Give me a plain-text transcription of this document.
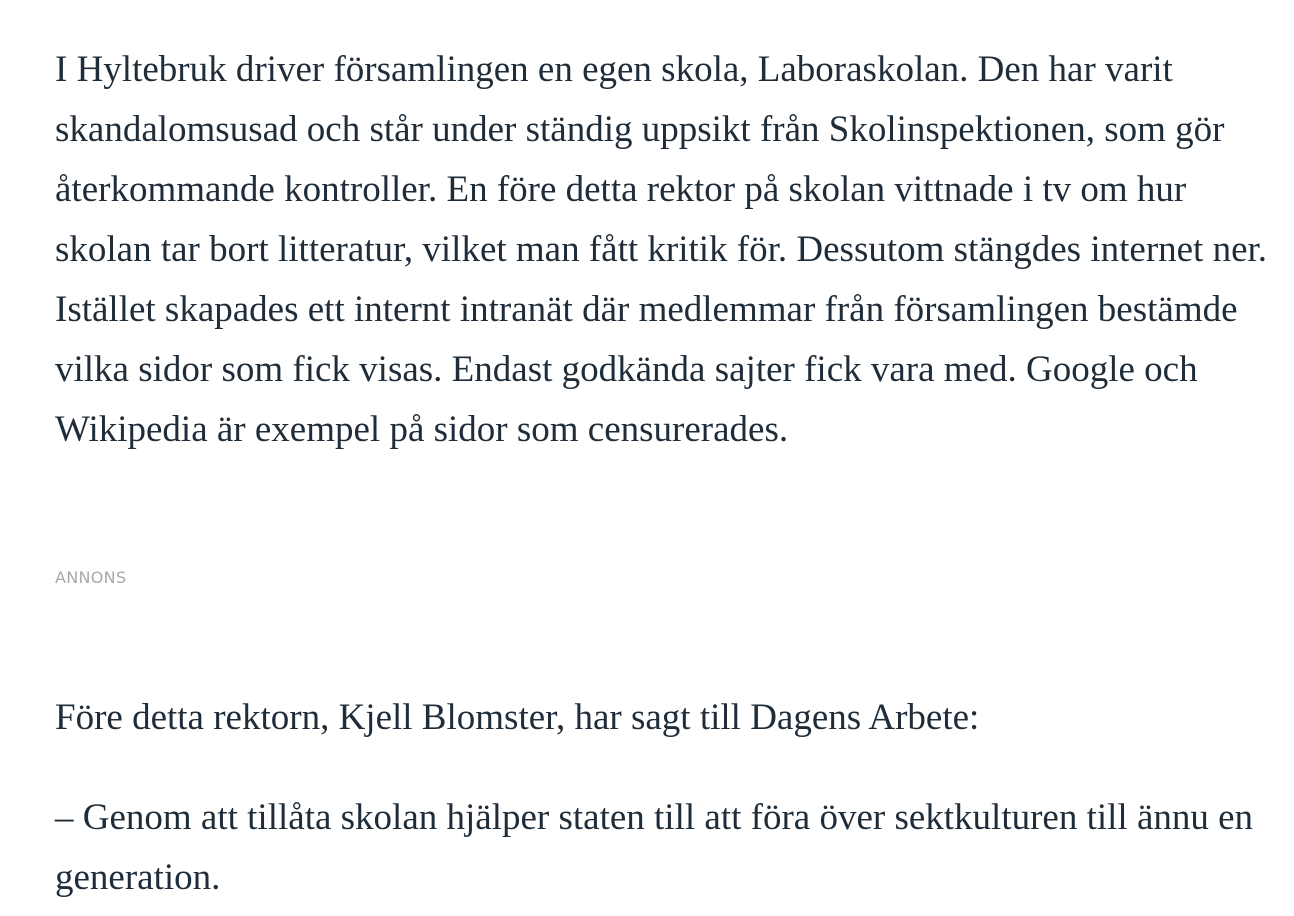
I Hyltebruk driver församlingen en egen skola, Laboraskolan. Den har varit skandalomsusad och står under ständig uppsikt från Skolinspektionen, som gör återkommande kontroller. En före detta rektor på skolan vittnade i tv om hur skolan tar bort litteratur, vilket man fått kritik för. Dessutom stängdes internet ner. Istället skapades ett internt intranät där medlemmar från församlingen bestämde vilka sidor som fick visas. Endast godkända sajter fick vara med. Google och Wikipedia är exempel på sidor som censurerades.

ANNONS

Före detta rektorn, Kjell Blomster, har sagt till Dagens Arbete:

– Genom att tillåta skolan hjälper staten till att föra över sektkulturen till ännu en generation.
